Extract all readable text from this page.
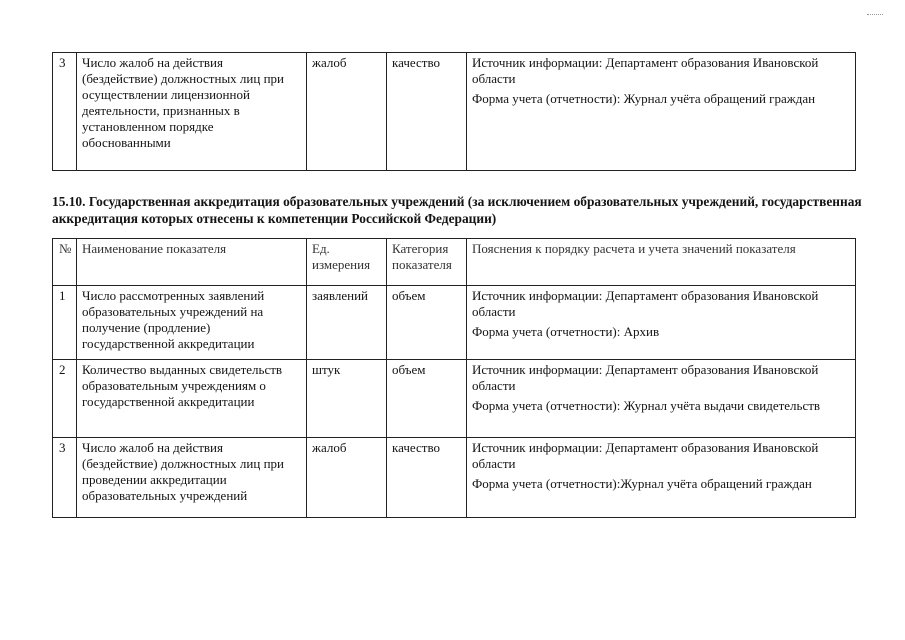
3	Число жалоб на действия (бездействие) должностных лиц при осуществлении лицензионной деятельности, признанных в установленном порядке обоснованными	жалоб	качество	Источник информации: Департамент образования Ивановской области

Форма учета (отчетности): Журнал учёта обращений граждан

15.10. Государственная аккредитация образовательных учреждений (за исключением образовательных учреждений, государственная аккредитация которых отнесены к компетенции Российской Федерации)
№	Наименование показателя	Ед. измерения	Категория показателя	Пояснения к порядку расчета и учета значений показателя
1	Число рассмотренных заявлений образовательных учреждений на получение (продление) государственной аккредитации	заявлений	объем	Источник информации: Департамент образования Ивановской области

Форма учета (отчетности): Архив

2	Количество выданных свидетельств образовательным учреждениям о государственной аккредитации	штук	объем	Источник информации: Департамент образования Ивановской области

Форма учета (отчетности): Журнал учёта выдачи свидетельств

3	Число жалоб на действия (бездействие) должностных лиц при проведении аккредитации образовательных учреждений	жалоб	качество	Источник информации: Департамент образования Ивановской области

Форма учета (отчетности):Журнал учёта обращений граждан
